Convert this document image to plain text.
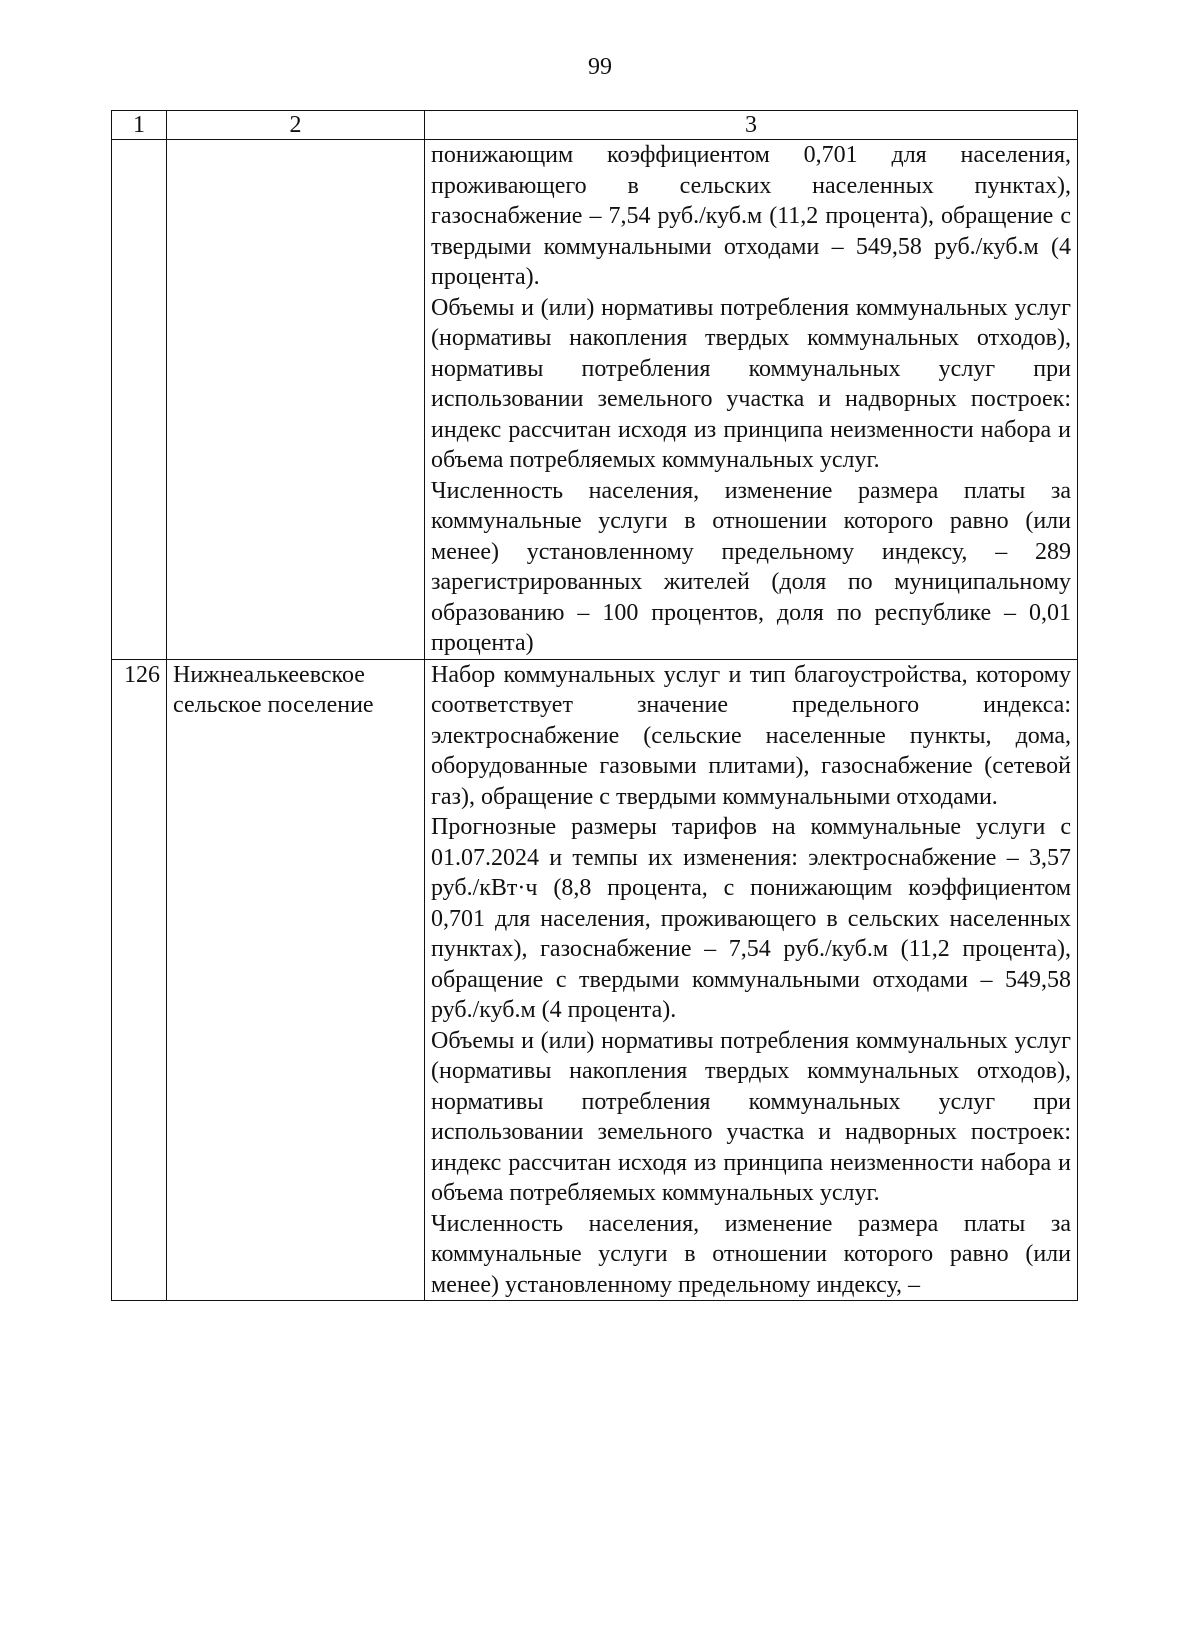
99
1	2	3

		понижающим коэффициентом 0,701 для населения, проживающего в сельских населенных пунктах), газоснабжение – 7,54 руб./куб.м (11,2 процента), обращение с твердыми коммунальными отходами – 549,58 руб./куб.м (4 процента).

Объемы и (или) нормативы потребления коммунальных услуг (нормативы накопления твердых коммунальных отходов), нормативы потребления коммунальных услуг при использовании земельного участка и надворных построек: индекс рассчитан исходя из принципа неизменности набора и объема потребляемых коммунальных услуг.

Численность населения, изменение размера платы за коммунальные услуги в отношении которого равно (или менее) установленному предельному индексу, – 289 зарегистрированных жителей (доля по муниципальному образованию – 100 процентов, доля по республике – 0,01 процента)

126	Нижнеалькеевское сельское поселение	Набор коммунальных услуг и тип благоустройства, которому соответствует значение предельного индекса: электроснабжение (сельские населенные пункты, дома, оборудованные газовыми плитами), газоснабжение (сетевой газ), обращение с твердыми коммунальными отходами.

Прогнозные размеры тарифов на коммунальные услуги с 01.07.2024 и темпы их изменения: электроснабжение – 3,57 руб./кВт·ч (8,8 процента, с понижающим коэффициентом 0,701 для населения, проживающего в сельских населенных пунктах), газоснабжение – 7,54 руб./куб.м (11,2 процента), обращение с твердыми коммунальными отходами – 549,58 руб./куб.м (4 процента).

Объемы и (или) нормативы потребления коммунальных услуг (нормативы накопления твердых коммунальных отходов), нормативы потребления коммунальных услуг при использовании земельного участка и надворных построек: индекс рассчитан исходя из принципа неизменности набора и объема потребляемых коммунальных услуг.

Численность населения, изменение размера платы за коммунальные услуги в отношении которого равно (или менее) установленному предельному индексу, –
